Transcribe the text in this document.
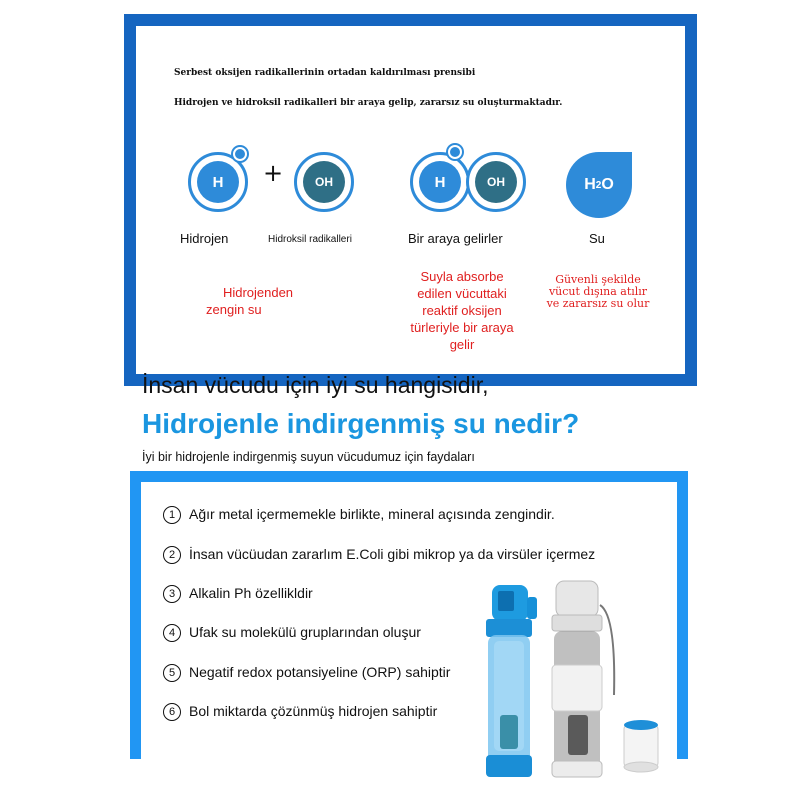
Serbest oksijen radikallerinin ortadan kaldırılması prensibi
Hidrojen ve hidroksil radikalleri bir araya gelip, zararsız su oluşturmaktadır.
H	+	OH	H	OH	H 2 O
Hidrojen	Hidroksil radikalleri	Bir araya gelirler	Su
Hidrojenden
zengin su
Suyla absorbe
edilen vücuttaki
reaktif oksijen
türleriyle bir araya
gelir
Güvenli şekilde
vücut dışına atılır
ve zararsız su olur
İnsan vücudu için iyi su hangisidir,
Hidrojenle indirgenmiş su nedir?
İyi bir hidrojenle indirgenmiş suyun vücudumuz için faydaları
1 Ağır metal içermemekle birlikte, mineral açısında zengindir.
2 İnsan vücüudan zararlım E.Coli gibi mikrop ya da virsüler içermez
3 Alkalin Ph özellikldir
4 Ufak su molekülü gruplarından oluşur
5 Negatif redox potansiyeline (ORP) sahiptir
6 Bol miktarda çözünmüş hidrojen sahiptir
